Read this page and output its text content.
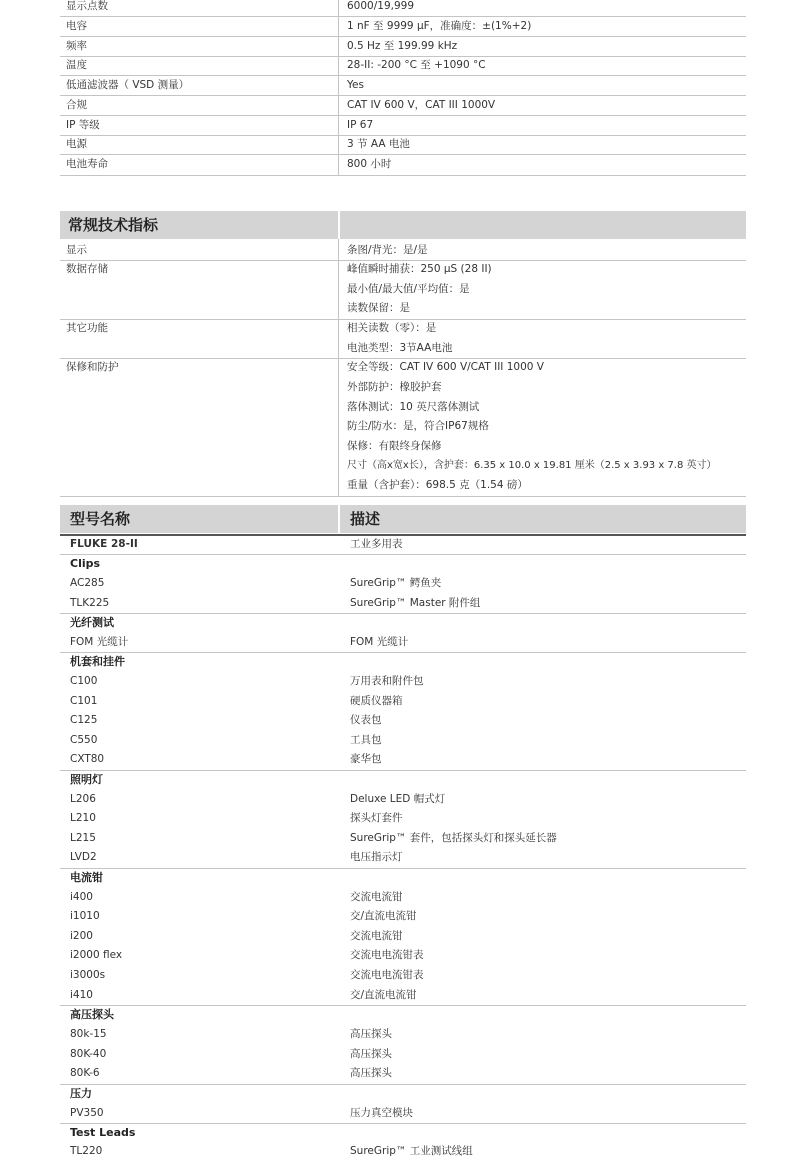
显示点数	6000/19,999
电容	1 nF 至 9999 μF，准确度：±(1%+2)
频率	0.5 Hz 至 199.99 kHz
温度	28-II: -200 °C 至 +1090 °C
低通滤波器（ VSD 测量）	Yes
合规	CAT IV 600 V，CAT III 1000V
IP 等级	IP 67
电源	3 节 AA 电池
电池寿命	800 小时
常规技术指标
显示	条图/背光：是/是
数据存储	峰值瞬时捕获：250 μS (28 II)
最小值/最大值/平均值：是
读数保留：是
其它功能	相关读数（零）：是
电池类型：3节AA电池
保修和防护	安全等级：CAT IV 600 V/CAT III 1000 V
外部防护：橡胶护套
落体测试：10 英尺落体测试
防尘/防水：是，符合IP67规格
保修：有限终身保修
尺寸（高x宽x长），含护套：6.35 x 10.0 x 19.81 厘米（2.5 x 3.93 x 7.8 英寸）
重量（含护套）：698.5 克（1.54 磅）
型号名称	描述
FLUKE 28-II	工业多用表
Clips
AC285	SureGrip™ 鳄鱼夹
TLK225	SureGrip™ Master 附件组
光纤测试
FOM 光缆计	FOM 光缆计
机套和挂件
C100	万用表和附件包
C101	硬质仪器箱
C125	仪表包
C550	工具包
CXT80	豪华包
照明灯
L206	Deluxe LED 帽式灯
L210	探头灯套件
L215	SureGrip™ 套件，包括探头灯和探头延长器
LVD2	电压指示灯
电流钳
i400	交流电流钳
i1010	交/直流电流钳
i200	交流电流钳
i2000 flex	交流电电流钳表
i3000s	交流电电流钳表
i410	交/直流电流钳
高压探头
80k-15	高压探头
80K-40	高压探头
80K-6	高压探头
压力
PV350	压力真空模块
Test Leads
TL220	SureGrip™ 工业测试线组
